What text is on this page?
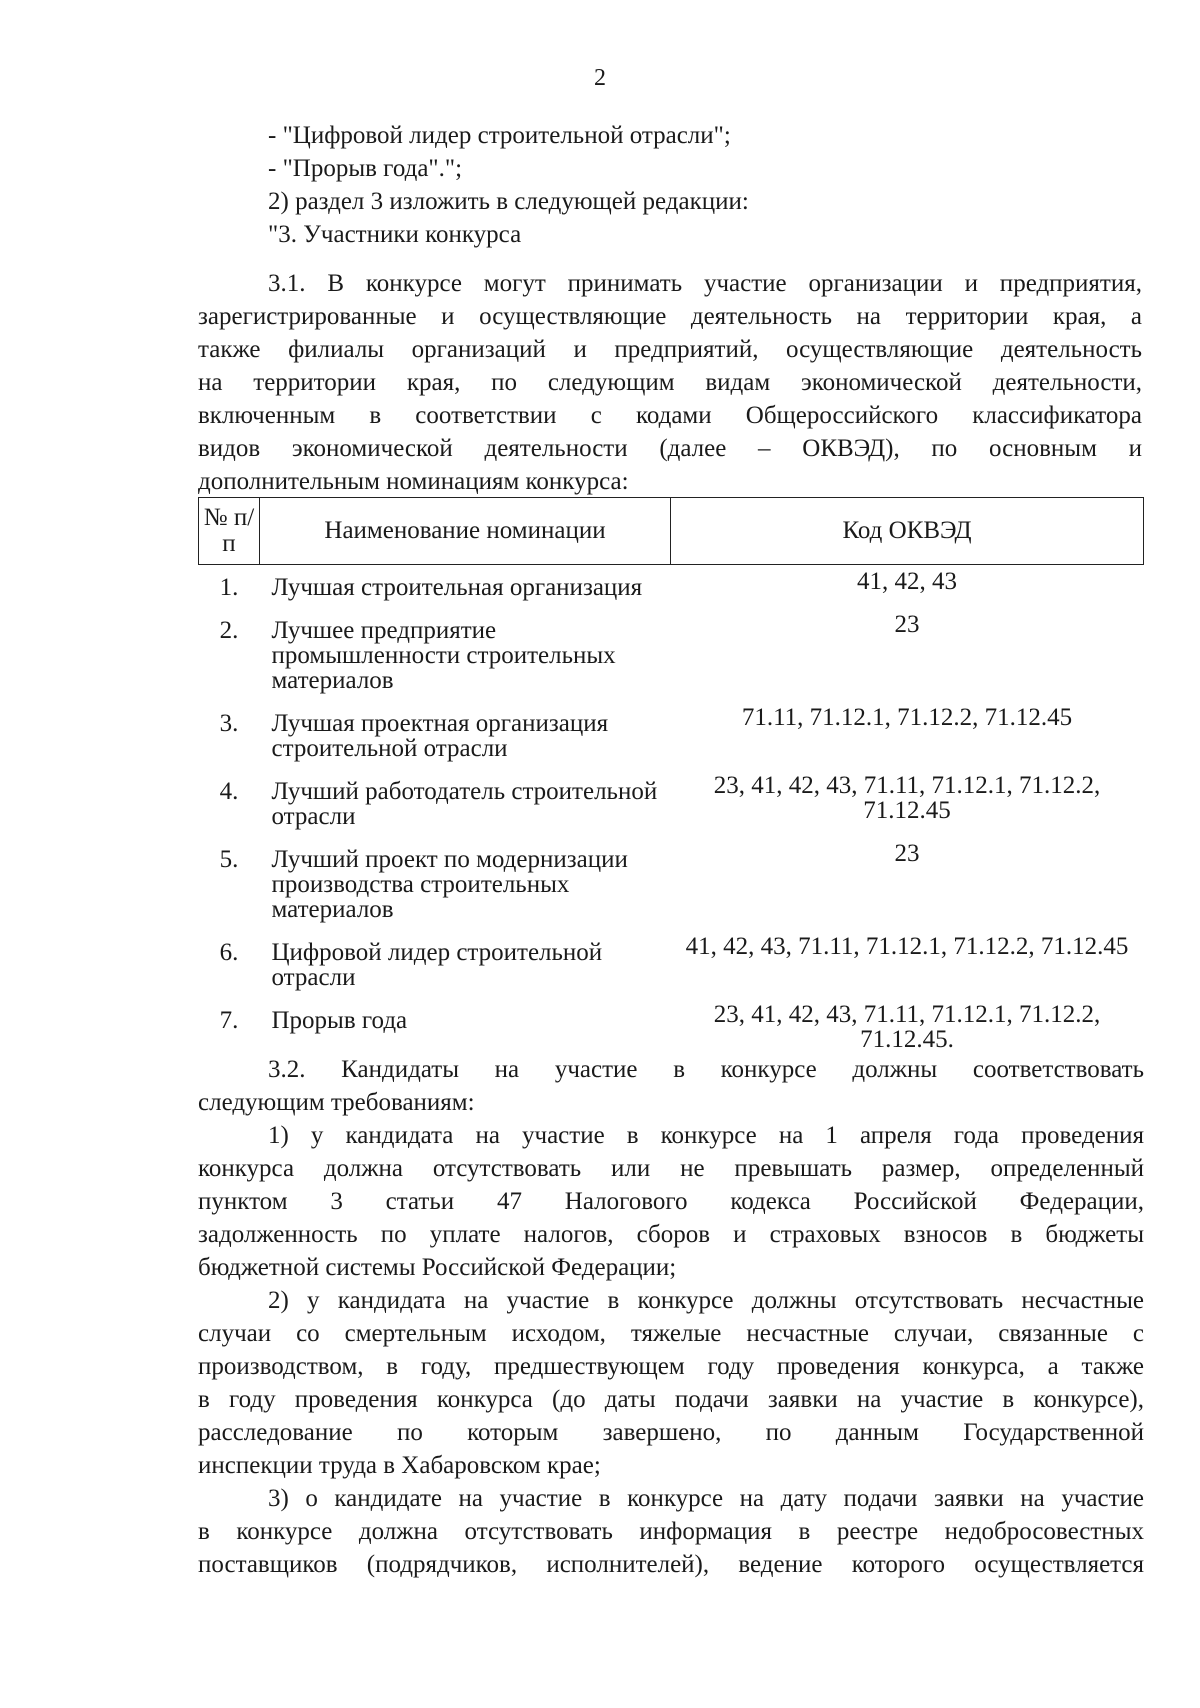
2
- "Цифровой лидер строительной отрасли";
- "Прорыв года".";
2) раздел 3 изложить в следующей редакции:
"3. Участники конкурса
3.1. В конкурсе могут принимать участие организации и предприятия,
зарегистрированные и осуществляющие деятельность на территории края, а
также филиалы организаций и предприятий, осуществляющие деятельность
на территории края, по следующим видам экономической деятельности,
включенным в соответствии с кодами Общероссийского классификатора
видов экономической деятельности (далее – ОКВЭД), по основным и
дополнительным номинациям конкурса:
№ п/п	Наименование номинации	Код ОКВЭД
1.	Лучшая строительная организация	41, 42, 43
2.	Лучшее предприятие промышленности строительных материалов	23
3.	Лучшая проектная организация строительной отрасли	71.11, 71.12.1, 71.12.2, 71.12.45
4.	Лучший работодатель строительной отрасли	23, 41, 42, 43, 71.11, 71.12.1, 71.12.2, 71.12.45
5.	Лучший проект по модернизации производства строительных материалов	23
6.	Цифровой лидер строительной отрасли	41, 42, 43, 71.11, 71.12.1, 71.12.2, 71.12.45
7.	Прорыв года	23, 41, 42, 43, 71.11, 71.12.1, 71.12.2, 71.12.45.
3.2. Кандидаты на участие в конкурсе должны соответствовать
следующим требованиям:
1) у кандидата на участие в конкурсе на 1 апреля года проведения
конкурса должна отсутствовать или не превышать размер, определенный
пунктом 3 статьи 47 Налогового кодекса Российской Федерации,
задолженность по уплате налогов, сборов и страховых взносов в бюджеты
бюджетной системы Российской Федерации;
2) у кандидата на участие в конкурсе должны отсутствовать несчастные
случаи со смертельным исходом, тяжелые несчастные случаи, связанные с
производством, в году, предшествующем году проведения конкурса, а также
в году проведения конкурса (до даты подачи заявки на участие в конкурсе),
расследование по которым завершено, по данным Государственной
инспекции труда в Хабаровском крае;
3) о кандидате на участие в конкурсе на дату подачи заявки на участие
в конкурсе должна отсутствовать информация в реестре недобросовестных
поставщиков (подрядчиков, исполнителей), ведение которого осуществляется
